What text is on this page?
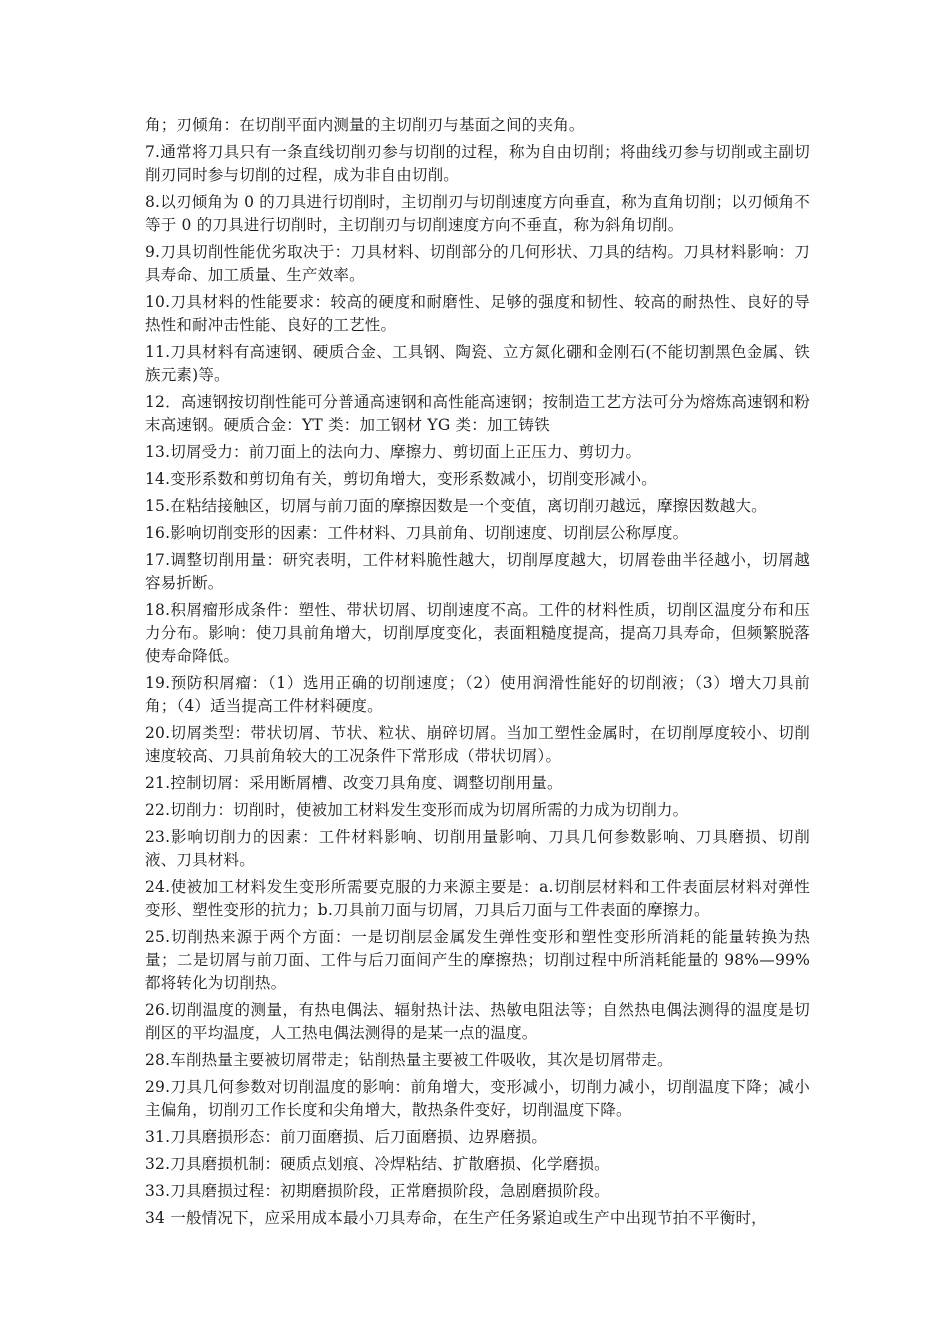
角；刃倾角：在切削平面内测量的主切削刃与基面之间的夹角。

7.通常将刀具只有一条直线切削刃参与切削的过程，称为自由切削；将曲线刃参与切削或主副切削刃同时参与切削的过程，成为非自由切削。

8.以刃倾角为 0 的刀具进行切削时，主切削刃与切削速度方向垂直，称为直角切削；以刃倾角不等于 0 的刀具进行切削时，主切削刃与切削速度方向不垂直，称为斜角切削。

9.刀具切削性能优劣取决于：刀具材料、切削部分的几何形状、刀具的结构。刀具材料影响：刀具寿命、加工质量、生产效率。

10.刀具材料的性能要求：较高的硬度和耐磨性、足够的强度和韧性、较高的耐热性、良好的导热性和耐冲击性能、良好的工艺性。

11.刀具材料有高速钢、硬质合金、工具钢、陶瓷、立方氮化硼和金刚石(不能切割黑色金属、铁族元素)等。

12．高速钢按切削性能可分普通高速钢和高性能高速钢；按制造工艺方法可分为熔炼高速钢和粉末高速钢。硬质合金：YT 类：加工钢材 YG 类：加工铸铁

13.切屑受力：前刀面上的法向力、摩擦力、剪切面上正压力、剪切力。

14.变形系数和剪切角有关，剪切角增大，变形系数减小，切削变形减小。

15.在粘结接触区，切屑与前刀面的摩擦因数是一个变值，离切削刃越远，摩擦因数越大。

16.影响切削变形的因素：工件材料、刀具前角、切削速度、切削层公称厚度。

17.调整切削用量：研究表明，工件材料脆性越大，切削厚度越大，切屑卷曲半径越小，切屑越容易折断。

18.积屑瘤形成条件：塑性、带状切屑、切削速度不高。工件的材料性质，切削区温度分布和压力分布。影响：使刀具前角增大，切削厚度变化，表面粗糙度提高，提高刀具寿命，但频繁脱落使寿命降低。

19.预防积屑瘤：（1）选用正确的切削速度；（2）使用润滑性能好的切削液；（3）增大刀具前角；（4）适当提高工件材料硬度。

20.切屑类型：带状切屑、节状、粒状、崩碎切屑。当加工塑性金属时，在切削厚度较小、切削速度较高、刀具前角较大的工况条件下常形成（带状切屑）。

21.控制切屑：采用断屑槽、改变刀具角度、调整切削用量。

22.切削力：切削时，使被加工材料发生变形而成为切屑所需的力成为切削力。

23.影响切削力的因素：工件材料影响、切削用量影响、刀具几何参数影响、刀具磨损、切削液、刀具材料。

24.使被加工材料发生变形所需要克服的力来源主要是：a.切削层材料和工件表面层材料对弹性变形、塑性变形的抗力；b.刀具前刀面与切屑，刀具后刀面与工件表面的摩擦力。

25.切削热来源于两个方面：一是切削层金属发生弹性变形和塑性变形所消耗的能量转换为热量；二是切屑与前刀面、工件与后刀面间产生的摩擦热；切削过程中所消耗能量的 98%—99%都将转化为切削热。

26.切削温度的测量，有热电偶法、辐射热计法、热敏电阻法等；自然热电偶法测得的温度是切削区的平均温度，人工热电偶法测得的是某一点的温度。

28.车削热量主要被切屑带走；钻削热量主要被工件吸收，其次是切屑带走。

29.刀具几何参数对切削温度的影响：前角增大，变形减小，切削力减小，切削温度下降；减小主偏角，切削刃工作长度和尖角增大，散热条件变好，切削温度下降。

31.刀具磨损形态：前刀面磨损、后刀面磨损、边界磨损。

32.刀具磨损机制：硬质点划痕、冷焊粘结、扩散磨损、化学磨损。

33.刀具磨损过程：初期磨损阶段，正常磨损阶段，急剧磨损阶段。

34 一般情况下，应采用成本最小刀具寿命，在生产任务紧迫或生产中出现节拍不平衡时，
